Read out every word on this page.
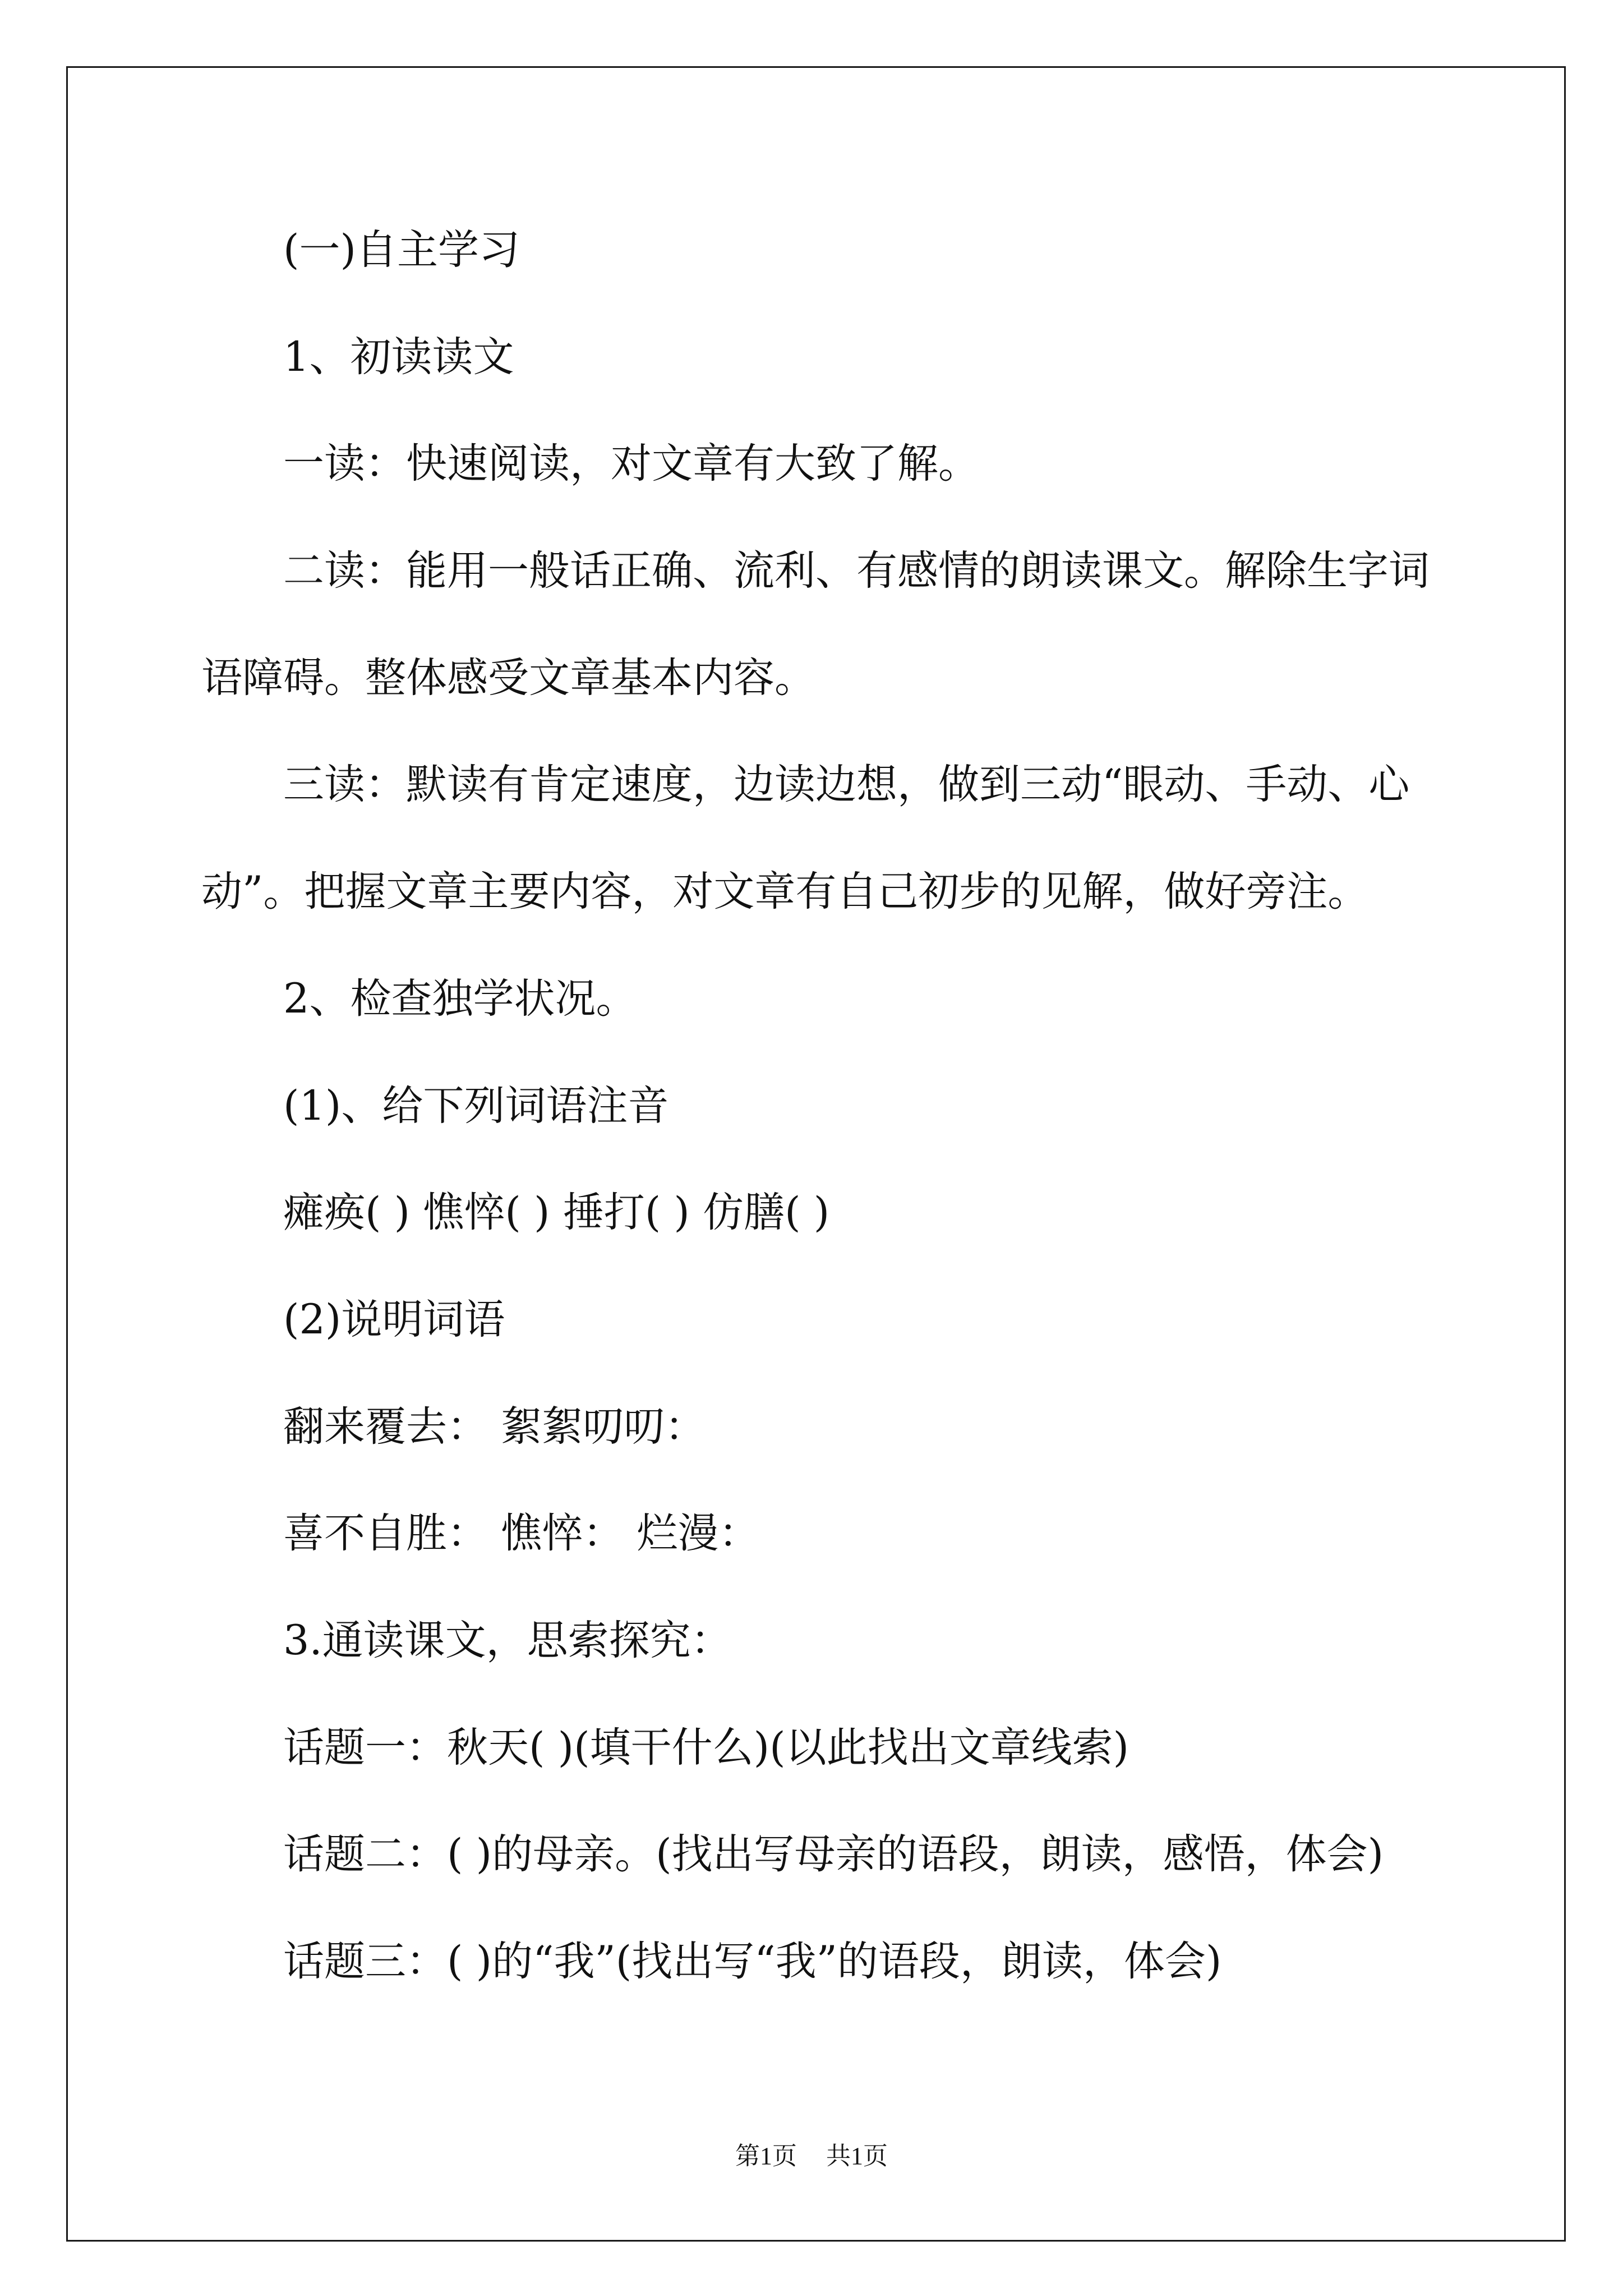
(一)自主学习
1、初读读文
一读：快速阅读，对文章有大致了解。
二读：能用一般话正确、流利、有感情的朗读课文。解除生字词
语障碍。整体感受文章基本内容。
三读：默读有肯定速度，边读边想，做到三动“眼动、手动、心
动”。把握文章主要内容，对文章有自己初步的见解，做好旁注。
2、检查独学状况。
(1)、给下列词语注音
瘫痪( ) 憔悴( ) 捶打( ) 仿膳( )
(2)说明词语
翻来覆去： 絮絮叨叨：
喜不自胜： 憔悴： 烂漫：
3.通读课文，思索探究：
话题一：秋天( )(填干什么)(以此找出文章线索)
话题二：( )的母亲。(找出写母亲的语段，朗读，感悟，体会)
话题三：( )的“我”(找出写“我”的语段，朗读，体会)
第1页 共1页
